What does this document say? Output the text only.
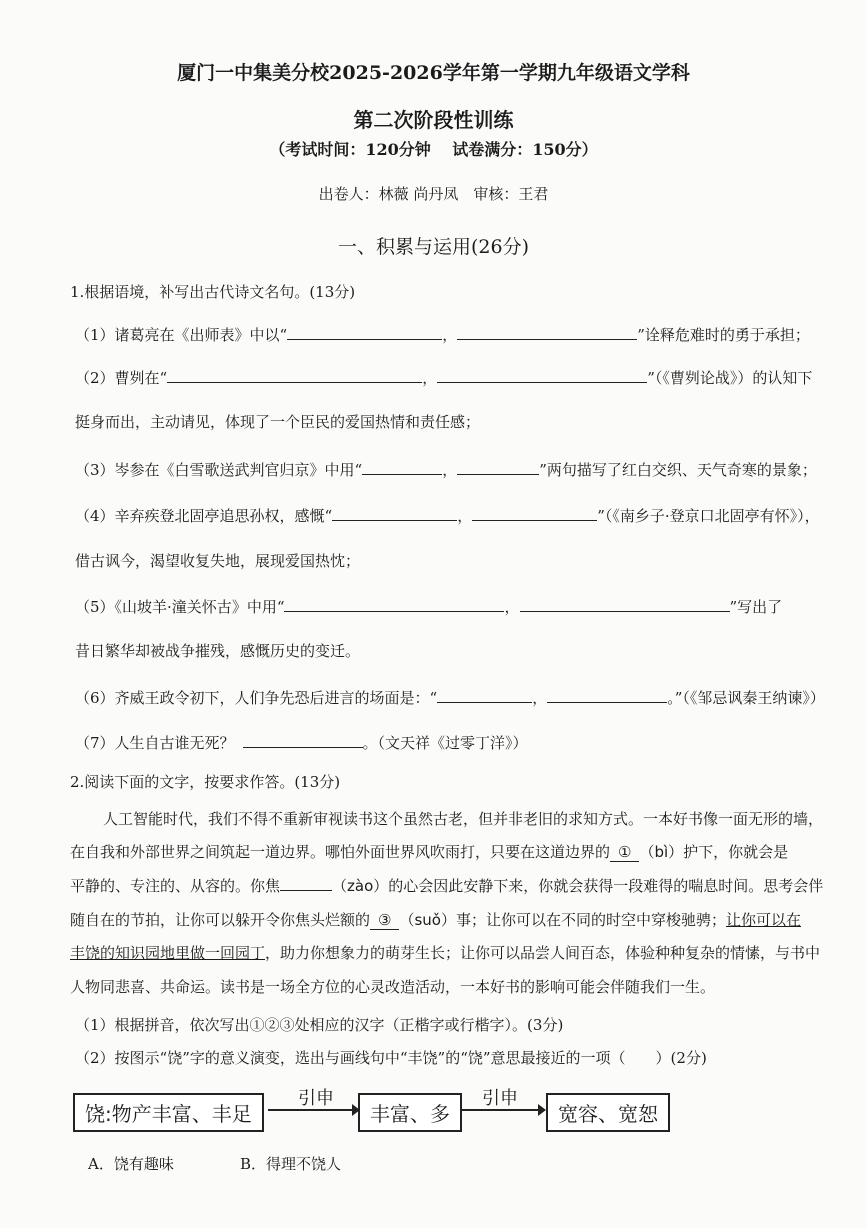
厦门一中集美分校2025-2026学年第一学期九年级语文学科
第二次阶段性训练
（考试时间：120分钟　 试卷满分：150分）
出卷人：林薇 尚丹凤　审核：王君
一、积累与运用(26分)
1.根据语境，补写出古代诗文名句。(13分)
（1）诸葛亮在《出师表》中以“	，	”诠释危难时的勇于承担；
（2）曹刿在“	，	”（《曹刿论战》）的认知下
挺身而出，主动请见，体现了一个臣民的爱国热情和责任感；
（3）岑参在《白雪歌送武判官归京》中用“	，	”两句描写了红白交织、天气奇寒的景象；
（4）辛弃疾登北固亭追思孙权，感慨“	，	”（《南乡子·登京口北固亭有怀》），
借古讽今，渴望收复失地，展现爱国热忱；
（5）《山坡羊·潼关怀古》中用“	，	”写出了
昔日繁华却被战争摧残，感慨历史的变迁。
（6）齐威王政令初下，人们争先恐后进言的场面是：“	，	。”（《邹忌讽秦王纳谏》）
（7）人生自古谁无死？	。（文天祥《过零丁洋》）
2.阅读下面的文字，按要求作答。(13分)
人工智能时代，我们不得不重新审视读书这个虽然古老，但并非老旧的求知方式。一本好书像一面无形的墙，
在自我和外部世界之间筑起一道边界。哪怕外面世界风吹雨打，只要在这道边界的 ① （bì）护下，你就会是
平静的、专注的、从容的。你焦	（zào）的心会因此安静下来，你就会获得一段难得的喘息时间。思考会伴
随自在的节拍，让你可以躲开令你焦头烂额的 ③ （suǒ）事；让你可以在不同的时空中穿梭驰骋；让你可以在
丰饶的知识园地里做一回园丁，助力你想象力的萌芽生长；让你可以品尝人间百态，体验种种复杂的情愫，与书中
人物同悲喜、共命运。读书是一场全方位的心灵改造活动，一本好书的影响可能会伴随我们一生。
（1）根据拼音，依次写出①②③处相应的汉字（正楷字或行楷字）。(3分)
（2）按图示“饶”字的意义演变，选出与画线句中“丰饶”的“饶”意思最接近的一项（　　）(2分)
饶:物产丰富、丰足
引申
丰富、多
引申
宽容、宽恕
A．饶有趣味	B．得理不饶人
